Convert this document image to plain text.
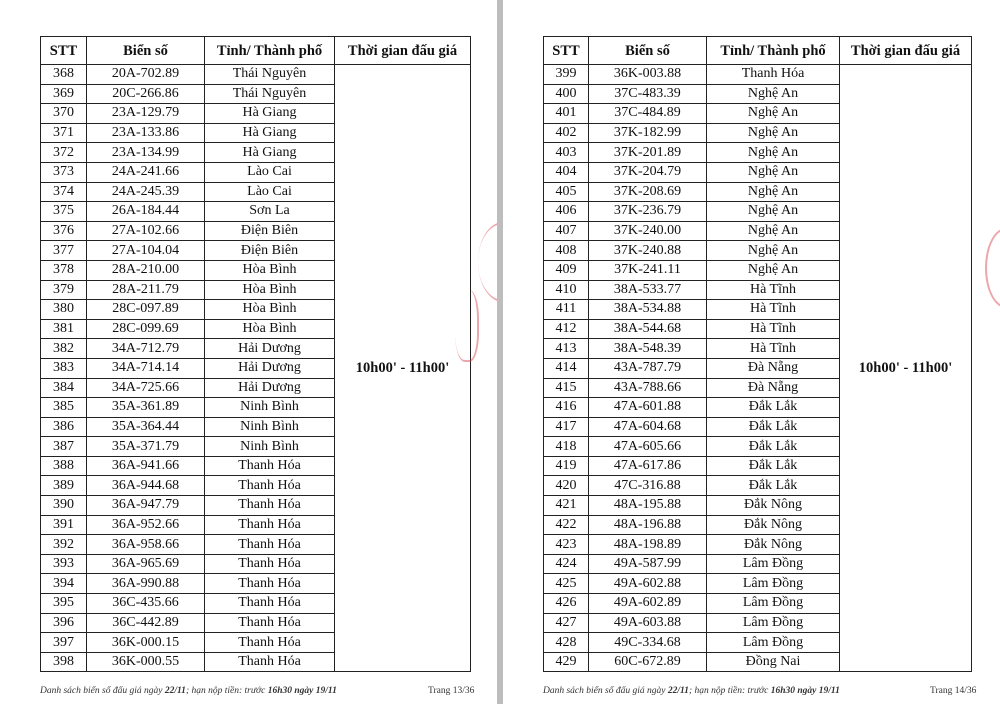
STT	Biển số	Tỉnh/ Thành phố	Thời gian đấu giá
368	20A-702.89	Thái Nguyên	10h00' - 11h00'
369	20C-266.86	Thái Nguyên	
370	23A-129.79	Hà Giang	
371	23A-133.86	Hà Giang	
372	23A-134.99	Hà Giang	
373	24A-241.66	Lào Cai	
374	24A-245.39	Lào Cai	
375	26A-184.44	Sơn La	
376	27A-102.66	Điện Biên	
377	27A-104.04	Điện Biên	
378	28A-210.00	Hòa Bình	
379	28A-211.79	Hòa Bình	
380	28C-097.89	Hòa Bình	
381	28C-099.69	Hòa Bình	
382	34A-712.79	Hải Dương	
383	34A-714.14	Hải Dương	
384	34A-725.66	Hải Dương	
385	35A-361.89	Ninh Bình	
386	35A-364.44	Ninh Bình	
387	35A-371.79	Ninh Bình	
388	36A-941.66	Thanh Hóa	
389	36A-944.68	Thanh Hóa	
390	36A-947.79	Thanh Hóa	
391	36A-952.66	Thanh Hóa	
392	36A-958.66	Thanh Hóa	
393	36A-965.69	Thanh Hóa	
394	36A-990.88	Thanh Hóa	
395	36C-435.66	Thanh Hóa	
396	36C-442.89	Thanh Hóa	
397	36K-000.15	Thanh Hóa	
398	36K-000.55	Thanh Hóa	
Danh sách biển số đấu giá ngày 22/11; hạn nộp tiền: trước 16h30 ngày 19/11	Trang 13/36
STT	Biển số	Tỉnh/ Thành phố	Thời gian đấu giá
399	36K-003.88	Thanh Hóa	10h00' - 11h00'
400	37C-483.39	Nghệ An	
401	37C-484.89	Nghệ An	
402	37K-182.99	Nghệ An	
403	37K-201.89	Nghệ An	
404	37K-204.79	Nghệ An	
405	37K-208.69	Nghệ An	
406	37K-236.79	Nghệ An	
407	37K-240.00	Nghệ An	
408	37K-240.88	Nghệ An	
409	37K-241.11	Nghệ An	
410	38A-533.77	Hà Tĩnh	
411	38A-534.88	Hà Tĩnh	
412	38A-544.68	Hà Tĩnh	
413	38A-548.39	Hà Tĩnh	
414	43A-787.79	Đà Nẵng	
415	43A-788.66	Đà Nẵng	
416	47A-601.88	Đắk Lắk	
417	47A-604.68	Đắk Lắk	
418	47A-605.66	Đắk Lắk	
419	47A-617.86	Đắk Lắk	
420	47C-316.88	Đắk Lắk	
421	48A-195.88	Đắk Nông	
422	48A-196.88	Đắk Nông	
423	48A-198.89	Đắk Nông	
424	49A-587.99	Lâm Đồng	
425	49A-602.88	Lâm Đồng	
426	49A-602.89	Lâm Đồng	
427	49A-603.88	Lâm Đồng	
428	49C-334.68	Lâm Đồng	
429	60C-672.89	Đồng Nai	
Danh sách biển số đấu giá ngày 22/11; hạn nộp tiền: trước 16h30 ngày 19/11	Trang 14/36
